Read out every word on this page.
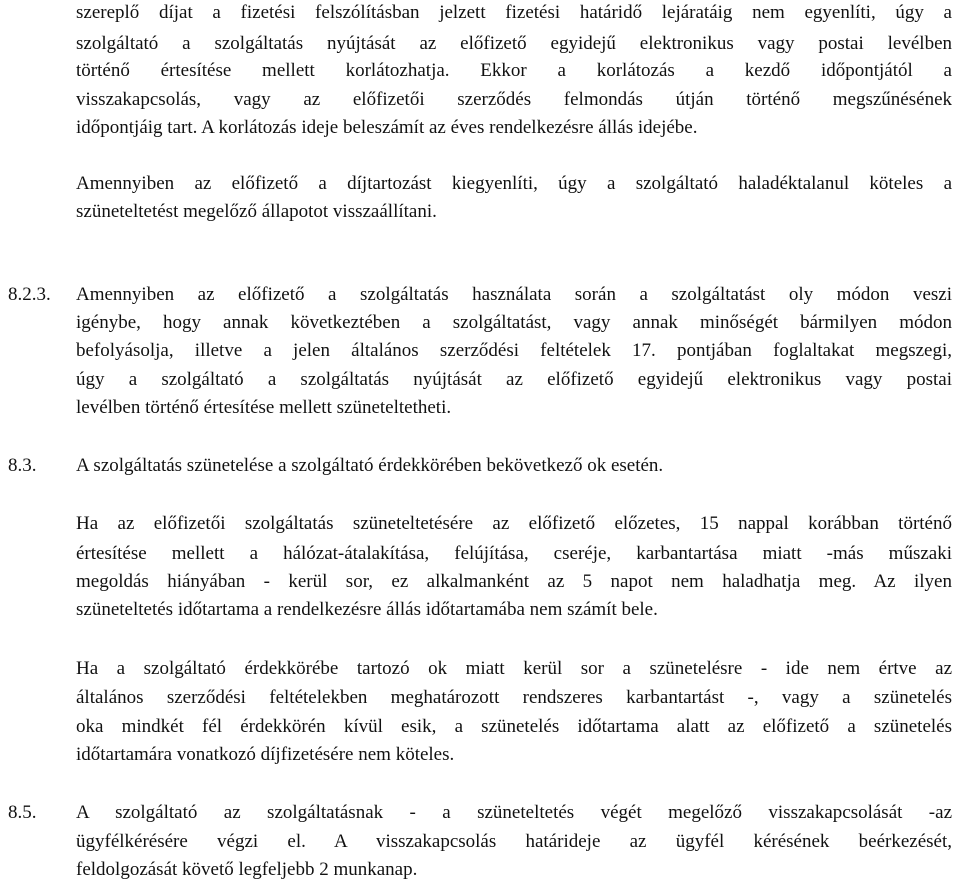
szereplő díjat a fizetési felszólításban jelzett fizetési határidő lejáratáig nem egyenlíti, úgy a
szolgáltató a szolgáltatás nyújtását az előfizető egyidejű elektronikus vagy postai levélben
történő értesítése mellett korlátozhatja. Ekkor a korlátozás a kezdő időpontjától a
visszakapcsolás, vagy az előfizetői szerződés felmondás útján történő megszűnésének
időpontjáig tart. A korlátozás ideje beleszámít az éves rendelkezésre állás idejébe.
Amennyiben az előfizető a díjtartozást kiegyenlíti, úgy a szolgáltató haladéktalanul köteles a
szüneteltetést megelőző állapotot visszaállítani.
8.2.3. Amennyiben az előfizető a szolgáltatás használata során a szolgáltatást oly módon veszi
igénybe, hogy annak következtében a szolgáltatást, vagy annak minőségét bármilyen módon
befolyásolja, illetve a jelen általános szerződési feltételek 17. pontjában foglaltakat megszegi,
úgy a szolgáltató a szolgáltatás nyújtását az előfizető egyidejű elektronikus vagy postai
levélben történő értesítése mellett szüneteltetheti.
8.3. A szolgáltatás szünetelése a szolgáltató érdekkörében bekövetkező ok esetén.
Ha az előfizetői szolgáltatás szüneteltetésére az előfizető előzetes, 15 nappal korábban történő
értesítése mellett a hálózat-átalakítása, felújítása, cseréje, karbantartása miatt -más műszaki
megoldás hiányában - kerül sor, ez alkalmanként az 5 napot nem haladhatja meg. Az ilyen
szüneteltetés időtartama a rendelkezésre állás időtartamába nem számít bele.
Ha a szolgáltató érdekkörébe tartozó ok miatt kerül sor a szünetelésre - ide nem értve az
általános szerződési feltételekben meghatározott rendszeres karbantartást -, vagy a szünetelés
oka mindkét fél érdekkörén kívül esik, a szünetelés időtartama alatt az előfizető a szünetelés
időtartamára vonatkozó díjfizetésére nem köteles.
8.5. A szolgáltató az szolgáltatásnak - a szüneteltetés végét megelőző visszakapcsolását -az
ügyfélkérésére végzi el. A visszakapcsolás határideje az ügyfél kérésének beérkezését,
feldolgozását követő legfeljebb 2 munkanap.
